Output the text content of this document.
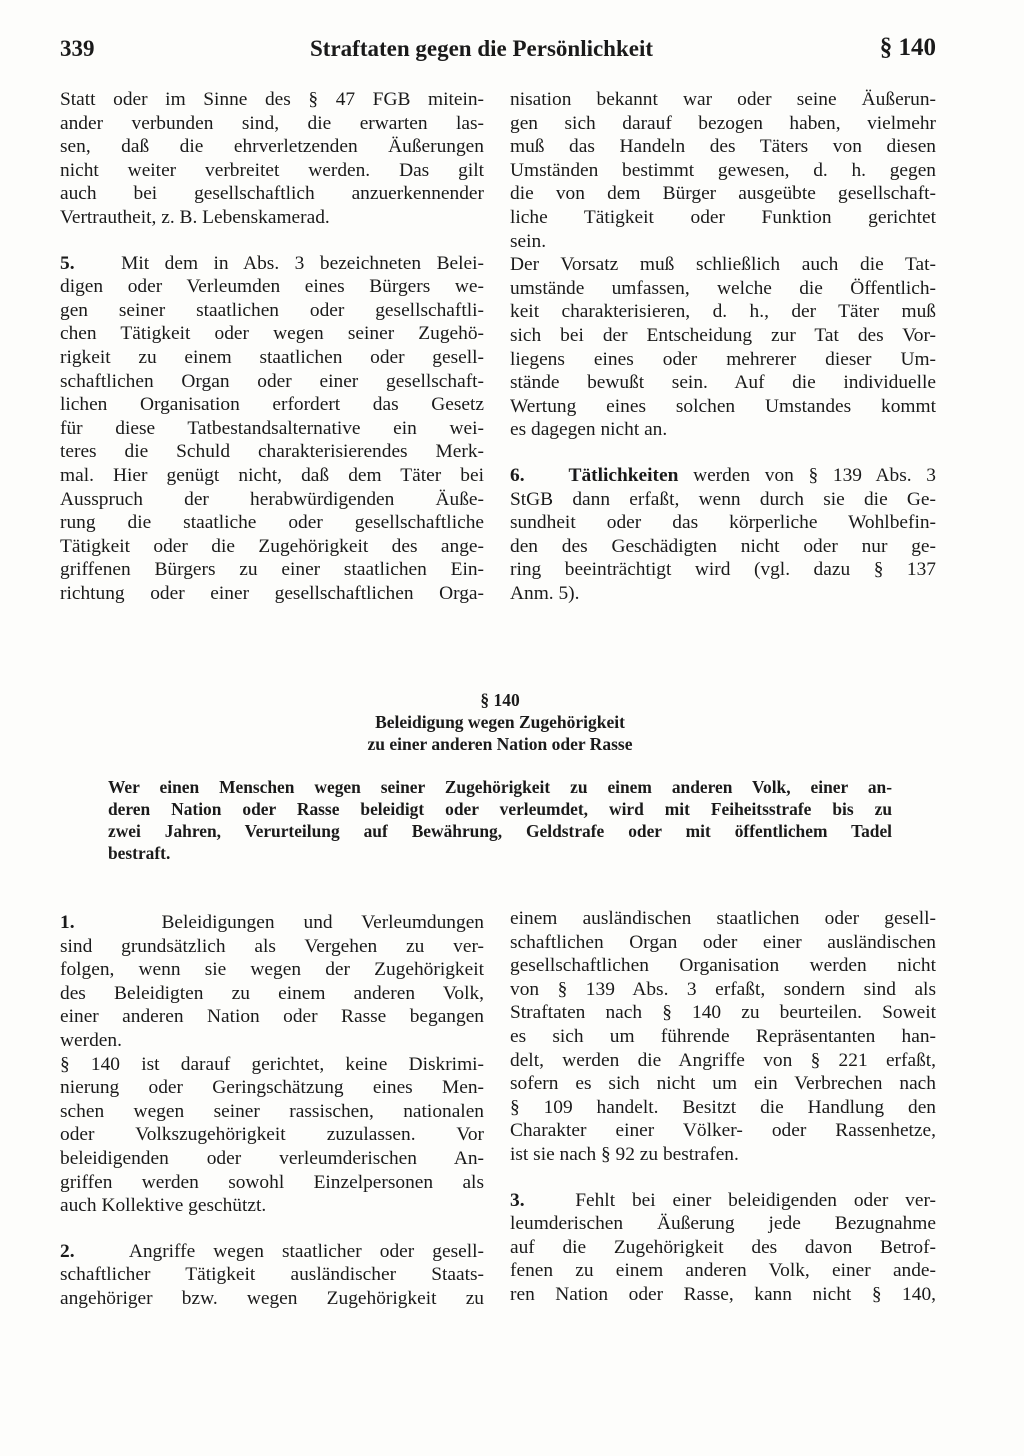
339	Straftaten gegen die Persönlichkeit	§ 140
Statt oder im Sinne des § 47 FGB mitein-
ander verbunden sind, die erwarten las-
sen, daß die ehrverletzenden Äußerungen
nicht weiter verbreitet werden. Das gilt
auch bei gesellschaftlich anzuerkennender
Vertrautheit, z. B. Lebenskamerad.
5. Mit dem in Abs. 3 bezeichneten Belei-
digen oder Verleumden eines Bürgers we-
gen seiner staatlichen oder gesellschaftli-
chen Tätigkeit oder wegen seiner Zugehö-
rigkeit zu einem staatlichen oder gesell-
schaftlichen Organ oder einer gesellschaft-
lichen Organisation erfordert das Gesetz
für diese Tatbestandsalternative ein wei-
teres die Schuld charakterisierendes Merk-
mal. Hier genügt nicht, daß dem Täter bei
Ausspruch der herabwürdigenden Äuße-
rung die staatliche oder gesellschaftliche
Tätigkeit oder die Zugehörigkeit des ange-
griffenen Bürgers zu einer staatlichen Ein-
richtung oder einer gesellschaftlichen Orga-
nisation bekannt war oder seine Äußerun-
gen sich darauf bezogen haben, vielmehr
muß das Handeln des Täters von diesen
Umständen bestimmt gewesen, d. h. gegen
die von dem Bürger ausgeübte gesellschaft-
liche Tätigkeit oder Funktion gerichtet
sein.
Der Vorsatz muß schließlich auch die Tat-
umstände umfassen, welche die Öffentlich-
keit charakterisieren, d. h., der Täter muß
sich bei der Entscheidung zur Tat des Vor-
liegens eines oder mehrerer dieser Um-
stände bewußt sein. Auf die individuelle
Wertung eines solchen Umstandes kommt
es dagegen nicht an.
6. Tätlichkeiten werden von § 139 Abs. 3
StGB dann erfaßt, wenn durch sie die Ge-
sundheit oder das körperliche Wohlbefin-
den des Geschädigten nicht oder nur ge-
ring beeinträchtigt wird (vgl. dazu § 137
Anm. 5).
§ 140
Beleidigung wegen Zugehörigkeit
zu einer anderen Nation oder Rasse
Wer einen Menschen wegen seiner Zugehörigkeit zu einem anderen Volk, einer an-
deren Nation oder Rasse beleidigt oder verleumdet, wird mit Feiheitsstrafe bis zu
zwei Jahren, Verurteilung auf Bewährung, Geldstrafe oder mit öffentlichem Tadel
bestraft.
1.	Beleidigungen und Verleumdungen
sind grundsätzlich als Vergehen zu ver-
folgen, wenn sie wegen der Zugehörigkeit
des Beleidigten zu einem anderen Volk,
einer anderen Nation oder Rasse begangen
werden.
§ 140 ist darauf gerichtet, keine Diskrimi-
nierung oder Geringschätzung eines Men-
schen wegen seiner rassischen, nationalen
oder Volkszugehörigkeit zuzulassen. Vor
beleidigenden oder verleumderischen An-
griffen werden sowohl Einzelpersonen als
auch Kollektive geschützt.
2.	Angriffe wegen staatlicher oder gesell-
schaftlicher Tätigkeit ausländischer Staats-
angehöriger bzw. wegen Zugehörigkeit zu
einem ausländischen staatlichen oder gesell-
schaftlichen Organ oder einer ausländischen
gesellschaftlichen Organisation werden nicht
von § 139 Abs. 3 erfaßt, sondern sind als
Straftaten nach § 140 zu beurteilen. Soweit
es sich um führende Repräsentanten han-
delt, werden die Angriffe von § 221 erfaßt,
sofern es sich nicht um ein Verbrechen nach
§ 109 handelt. Besitzt die Handlung den
Charakter einer Völker- oder Rassenhetze,
ist sie nach § 92 zu bestrafen.
3.	Fehlt bei einer beleidigenden oder ver-
leumderischen Äußerung jede Bezugnahme
auf die Zugehörigkeit des davon Betrof-
fenen zu einem anderen Volk, einer ande-
ren Nation oder Rasse, kann nicht § 140,
